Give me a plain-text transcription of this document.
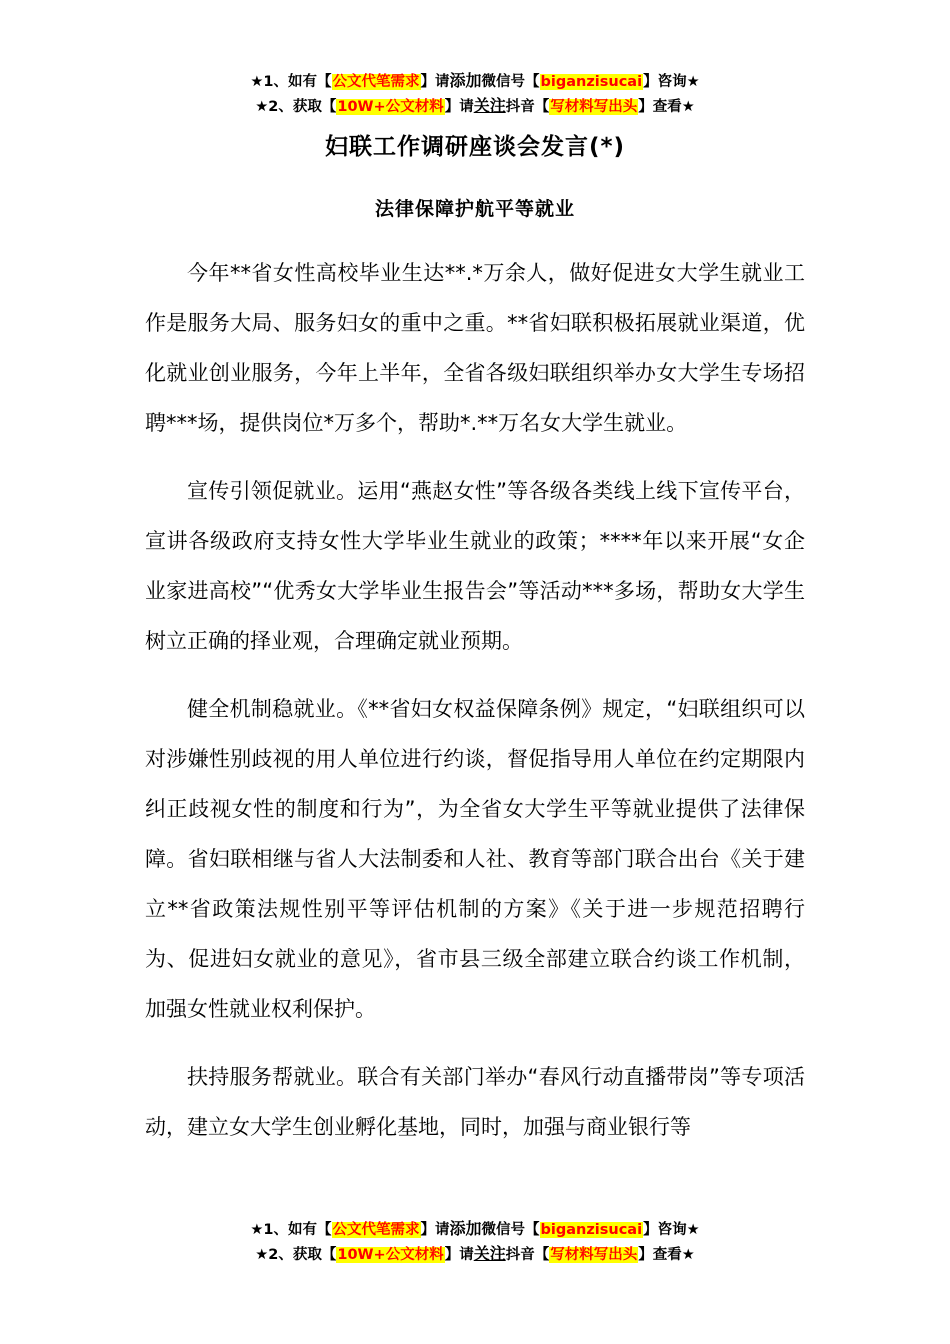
★1、如有【公文代笔需求】请添加微信号【biganzisucai】咨询★
★2、获取【10W+公文材料】请关注抖音【写材料写出头】查看★
妇联工作调研座谈会发言(*)
法律保障护航平等就业

今年**省女性高校毕业生达**.*万余人，做好促进女大学生就业工作是服务大局、服务妇女的重中之重。**省妇联积极拓展就业渠道，优化就业创业服务，今年上半年，全省各级妇联组织举办女大学生专场招聘***场，提供岗位*万多个，帮助*.**万名女大学生就业。

宣传引领促就业。运用“燕赵女性”等各级各类线上线下宣传平台，宣讲各级政府支持女性大学毕业生就业的政策；****年以来开展“女企业家进高校”“优秀女大学毕业生报告会”等活动***多场，帮助女大学生树立正确的择业观，合理确定就业预期。

健全机制稳就业。《**省妇女权益保障条例》规定，“妇联组织可以对涉嫌性别歧视的用人单位进行约谈，督促指导用人单位在约定期限内纠正歧视女性的制度和行为”，为全省女大学生平等就业提供了法律保障。省妇联相继与省人大法制委和人社、教育等部门联合出台《关于建立**省政策法规性别平等评估机制的方案》《关于进一步规范招聘行为、促进妇女就业的意见》，省市县三级全部建立联合约谈工作机制，加强女性就业权利保护。

扶持服务帮就业。联合有关部门举办“春风行动直播带岗”等专项活动，建立女大学生创业孵化基地，同时，加强与商业银行等

★1、如有【公文代笔需求】请添加微信号【biganzisucai】咨询★
★2、获取【10W+公文材料】请关注抖音【写材料写出头】查看★
